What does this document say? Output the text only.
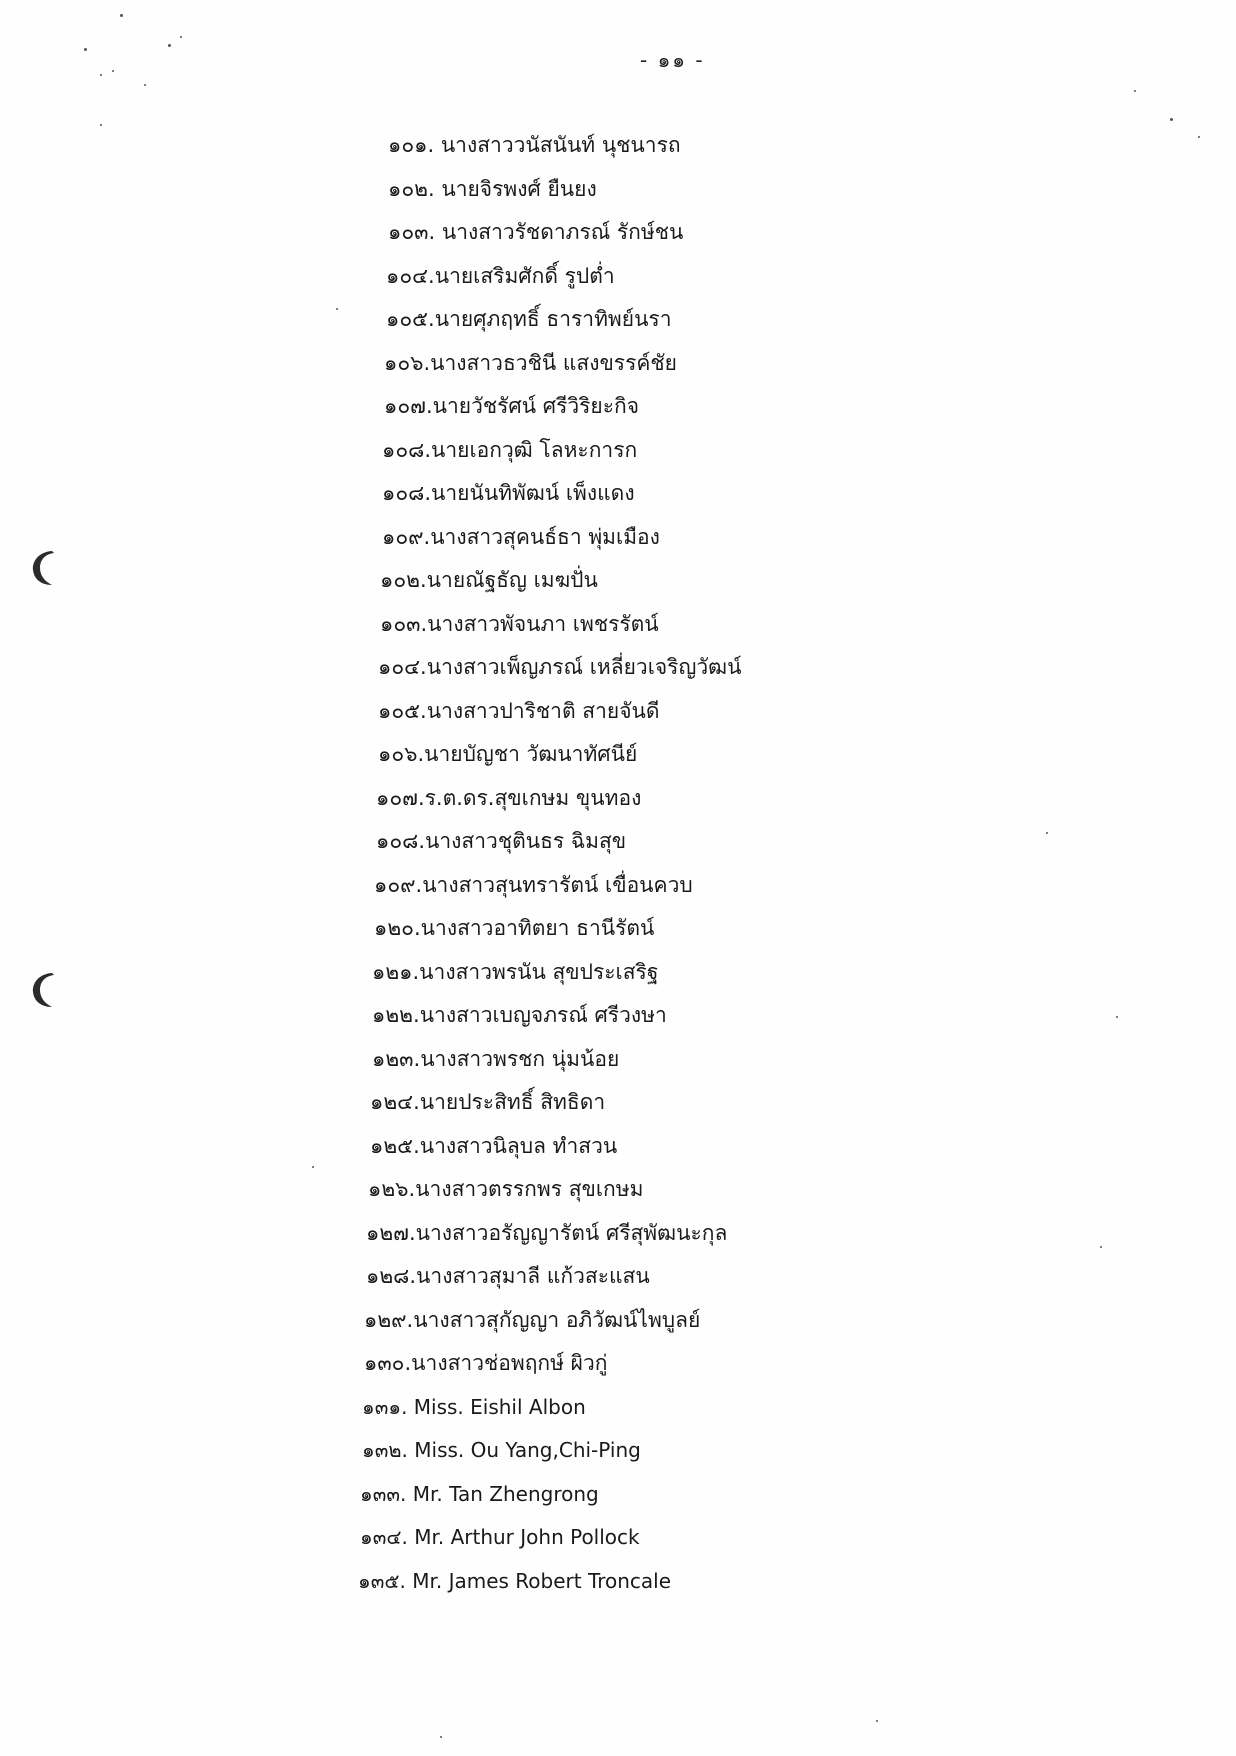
- ๑๑ -
๑๐๑. นางสาววนัสนันท์ นุชนารถ
๑๐๒. นายจิรพงศ์ ยืนยง
๑๐๓. นางสาวรัชดาภรณ์ รักษ์ชน
๑๐๔.นายเสริมศักดิ์ รูปต่ำ
๑๐๕.นายศุภฤทธิ์ ธาราทิพย์นรา
๑๐๖.นางสาวธวชินี แสงขรรค์ชัย
๑๐๗.นายวัชรัศน์ ศรีวิริยะกิจ
๑๐๘.นายเอกวุฒิ โลหะการก
๑๐๘.นายนันทิพัฒน์ เพ็งแดง
๑๐๙.นางสาวสุคนธ์ธา พุ่มเมือง
๑๐๒.นายณัฐธัญ เมฆปั่น
๑๐๓.นางสาวพัจนภา เพชรรัตน์
๑๐๔.นางสาวเพ็ญภรณ์ เหลี่ยวเจริญวัฒน์
๑๐๕.นางสาวปาริชาติ สายจันดี
๑๐๖.นายบัญชา วัฒนาทัศนีย์
๑๐๗.ร.ต.ดร.สุขเกษม ขุนทอง
๑๐๘.นางสาวชุตินธร ฉิมสุข
๑๐๙.นางสาวสุนทรารัตน์ เขื่อนควบ
๑๒๐.นางสาวอาทิตยา ธานีรัตน์
๑๒๑.นางสาวพรนัน สุขประเสริฐ
๑๒๒.นางสาวเบญจภรณ์ ศรีวงษา
๑๒๓.นางสาวพรชก นุ่มน้อย
๑๒๔.นายประสิทธิ์ สิทธิดา
๑๒๕.นางสาวนิลุบล ทำสวน
๑๒๖.นางสาวตรรกพร สุขเกษม
๑๒๗.นางสาวอรัญญารัตน์ ศรีสุพัฒนะกุล
๑๒๘.นางสาวสุมาลี แก้วสะแสน
๑๒๙.นางสาวสุกัญญา อภิวัฒน์ไพบูลย์
๑๓๐.นางสาวช่อพฤกษ์ ผิวกู่
๑๓๑. Miss. Eishil Albon
๑๓๒. Miss. Ou Yang,Chi-Ping
๑๓๓. Mr. Tan Zhengrong
๑๓๔. Mr. Arthur John Pollock
๑๓๕. Mr. James Robert Troncale
